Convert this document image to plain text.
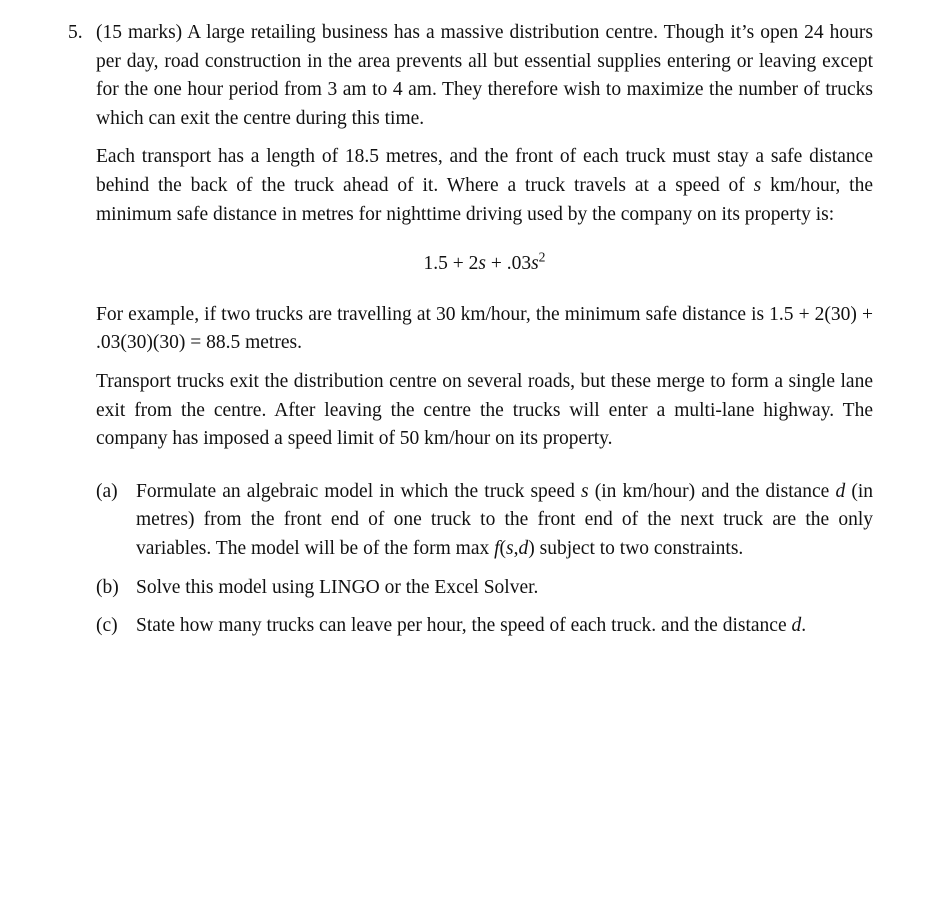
5. (15 marks) A large retailing business has a massive distribution centre. Though it’s open 24 hours per day, road construction in the area prevents all but essential supplies entering or leaving except for the one hour period from 3 am to 4 am. They therefore wish to maximize the number of trucks which can exit the centre during this time.

Each transport has a length of 18.5 metres, and the front of each truck must stay a safe distance behind the back of the truck ahead of it. Where a truck travels at a speed of s km/hour, the minimum safe distance in metres for nighttime driving used by the company on its property is:

$1.5 + 2s + .03s^2$

For example, if two trucks are travelling at 30 km/hour, the minimum safe distance is 1.5 + 2(30) + .03(30)(30) = 88.5 metres.

Transport trucks exit the distribution centre on several roads, but these merge to form a single lane exit from the centre. After leaving the centre the trucks will enter a multi-lane highway. The company has imposed a speed limit of 50 km/hour on its property.

(a) Formulate an algebraic model in which the truck speed s (in km/hour) and the distance d (in metres) from the front end of one truck to the front end of the next truck are the only variables. The model will be of the form max f(s,d) subject to two constraints.
(b) Solve this model using LINGO or the Excel Solver.
(c) State how many trucks can leave per hour, the speed of each truck. and the distance d.
